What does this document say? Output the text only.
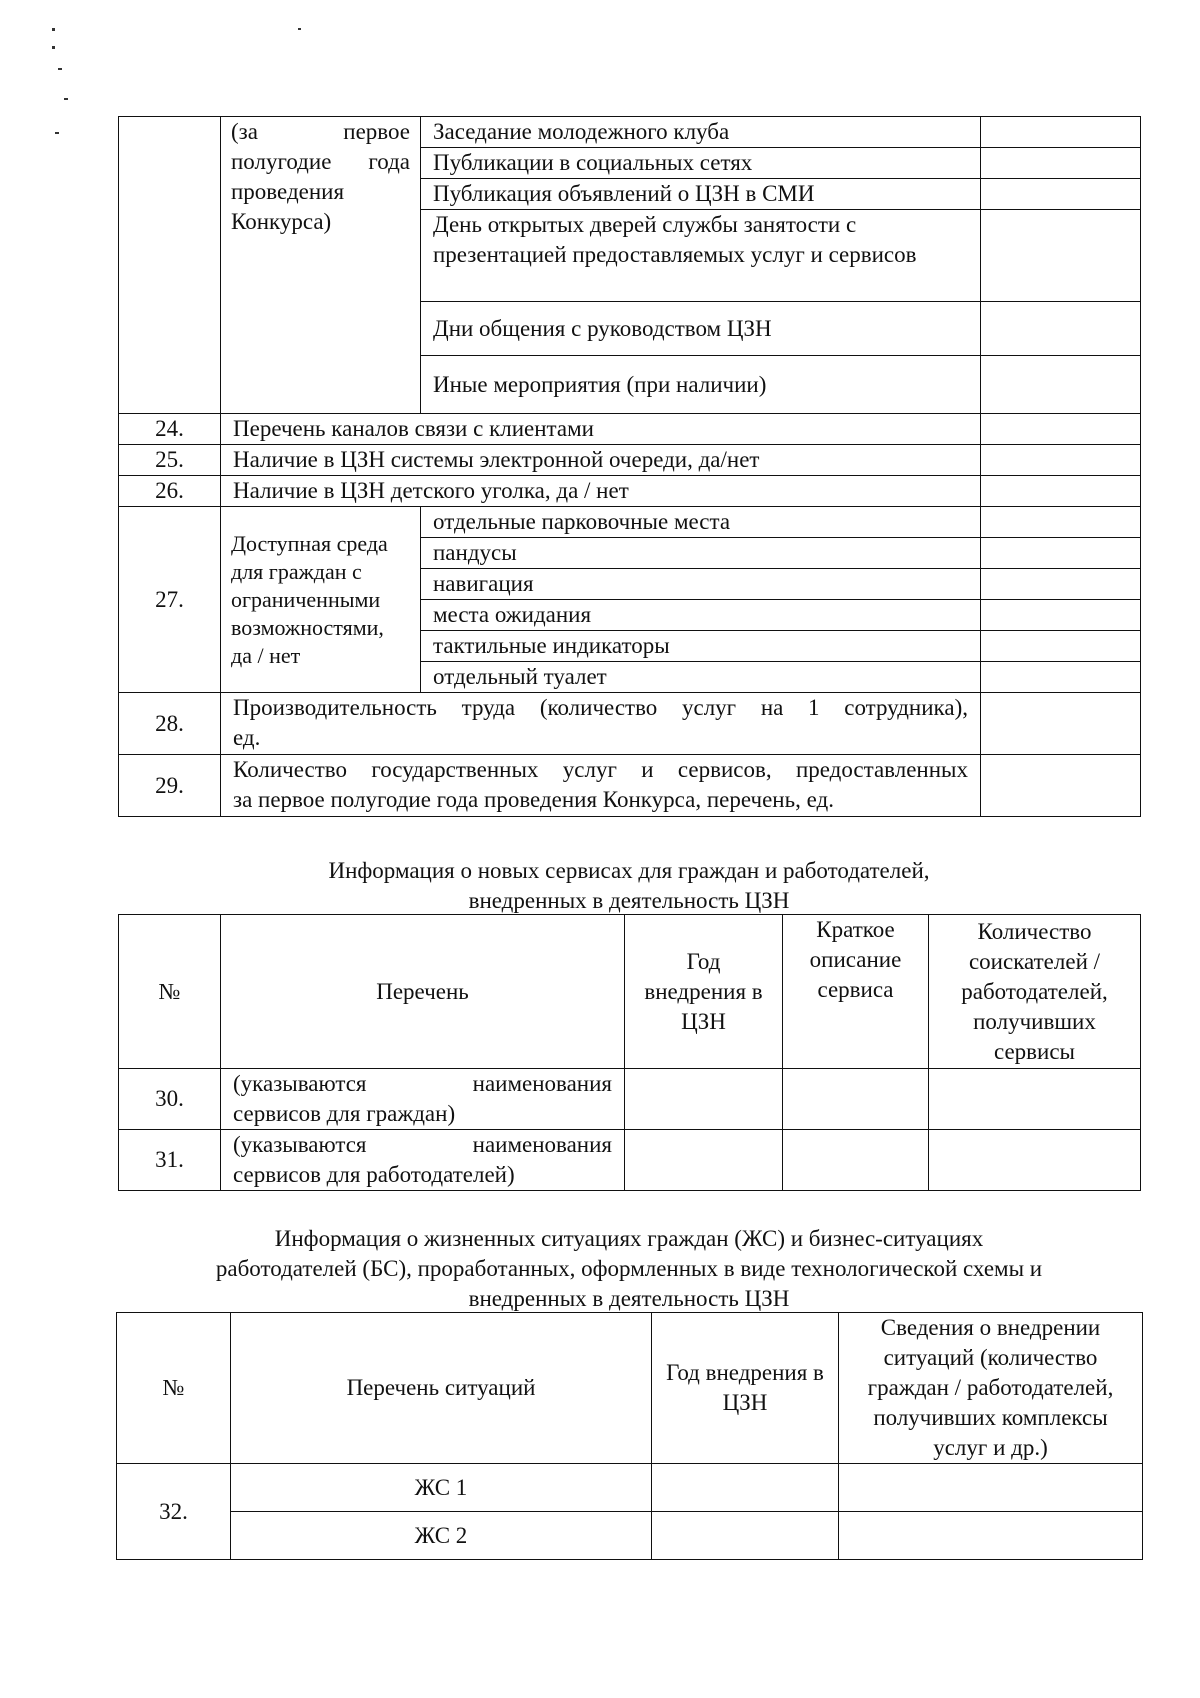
	(за первое
полугодие года
проведения
Конкурса)	Заседание молодежного клуба	
		Публикации в социальных сетях	
		Публикация объявлений о ЦЗН в СМИ	
		День открытых дверей службы занятости с презентацией предоставляемых услуг и сервисов	
		Дни общения с руководством ЦЗН	
		Иные мероприятия (при наличии)	
24.	Перечень каналов связи с клиентами		
25.	Наличие в ЦЗН системы электронной очереди, да/нет		
26.	Наличие в ЦЗН детского уголка, да / нет		
27.	Доступная среда для граждан с ограниченными возможностями, да / нет	отдельные парковочные места	
		пандусы	
		навигация	
		места ожидания	
		тактильные индикаторы	
		отдельный туалет	
28.	Производительность труда (количество услуг на 1 сотрудника),
ед.		

29.	Количество государственных услуг и сервисов, предоставленных
за первое полугодие года проведения Конкурса, перечень, ед.		

Информация о новых сервисах для граждан и работодателей,
внедренных в деятельность ЦЗН
№	Перечень	Год внедрения в ЦЗН	Краткое описание сервиса	Количество соискателей / работодателей, получивших сервисы
30.	(указываются наименования
сервисов для граждан)			

31.	(указываются наименования
сервисов для работодателей)			

Информация о жизненных ситуациях граждан (ЖС) и бизнес-ситуациях
работодателей (БС), проработанных, оформленных в виде технологической схемы и
внедренных в деятельность ЦЗН
№	Перечень ситуаций	Год внедрения в ЦЗН	Сведения о внедрении ситуаций (количество граждан / работодателей, получивших комплексы услуг и др.)
32.	ЖС 1		
	ЖС 2		
